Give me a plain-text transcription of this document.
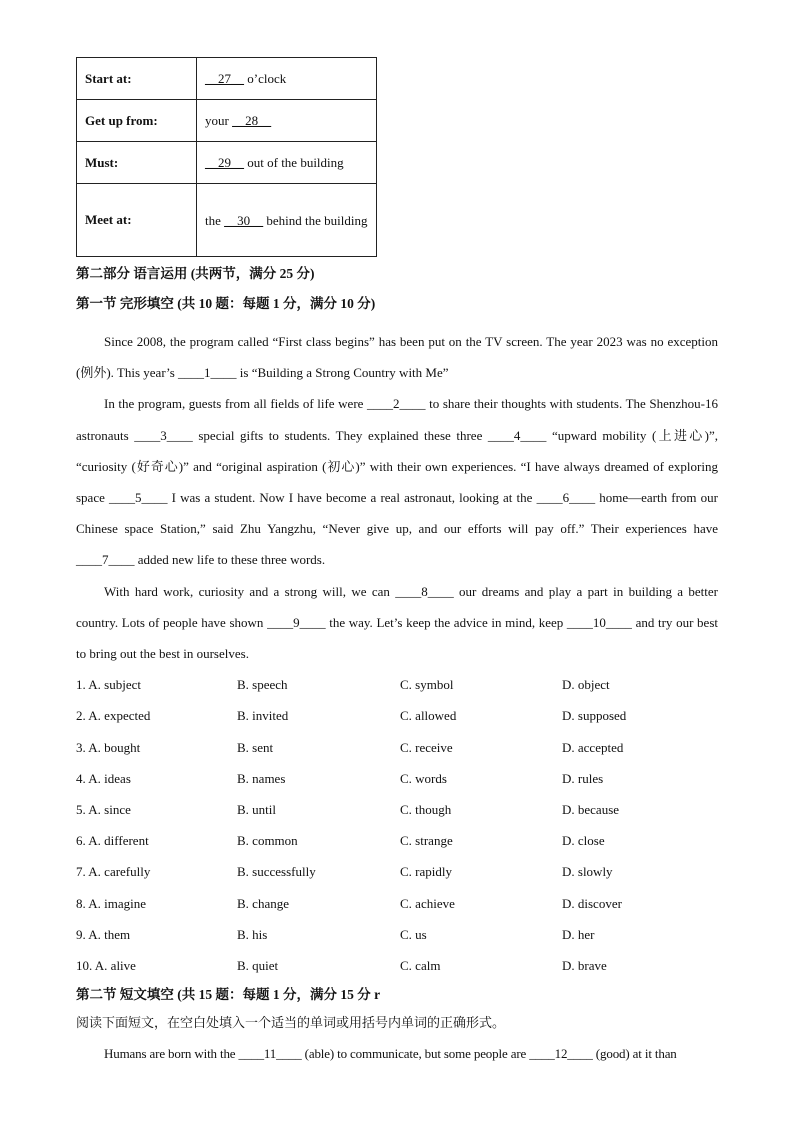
Start at:	__27__ o’clock
Get up from:	your __28__
Must:	__29__ out of the building
Meet at:	the __30__ behind the building
第二部分 语言运用 (共两节，满分 25 分)
第一节 完形填空 (共 10 题：每题 1 分，满分 10 分)

Since 2008, the program called “First class begins” has been put on the TV screen. The year 2023 was no exception (例外). This year’s ____1____ is “Building a Strong Country with Me”

In the program, guests from all fields of life were ____2____ to share their thoughts with students. The Shenzhou-16 astronauts ____3____ special gifts to students. They explained these three ____4____ “upward mobility (上进心)”, “curiosity (好奇心)” and “original aspiration (初心)” with their own experiences. “I have always dreamed of exploring space ____5____ I was a student. Now I have become a real astronaut, looking at the ____6____ home—earth from our Chinese space Station,” said Zhu Yangzhu, “Never give up, and our efforts will pay off.” Their experiences have ____7____ added new life to these three words.

With hard work, curiosity and a strong will, we can ____8____ our dreams and play a part in building a better country. Lots of people have shown ____9____ the way. Let’s keep the advice in mind, keep ____10____ and try our best to bring out the best in ourselves.

1. A. subject	B. speech	C. symbol	D. object
2. A. expected	B. invited	C. allowed	D. supposed
3. A. bought	B. sent	C. receive	D. accepted
4. A. ideas	B. names	C. words	D. rules
5. A. since	B. until	C. though	D. because
6. A. different	B. common	C. strange	D. close
7. A. carefully	B. successfully	C. rapidly	D. slowly
8. A. imagine	B. change	C. achieve	D. discover
9. A. them	B. his	C. us	D. her
10. A. alive	B. quiet	C. calm	D. brave
第二节 短文填空 (共 15 题：每题 1 分，满分 15 分 r

阅读下面短文，在空白处填入一个适当的单词或用括号内单词的正确形式。

Humans are born with the ____11____ (able) to communicate, but some people are ____12____ (good) at it than
